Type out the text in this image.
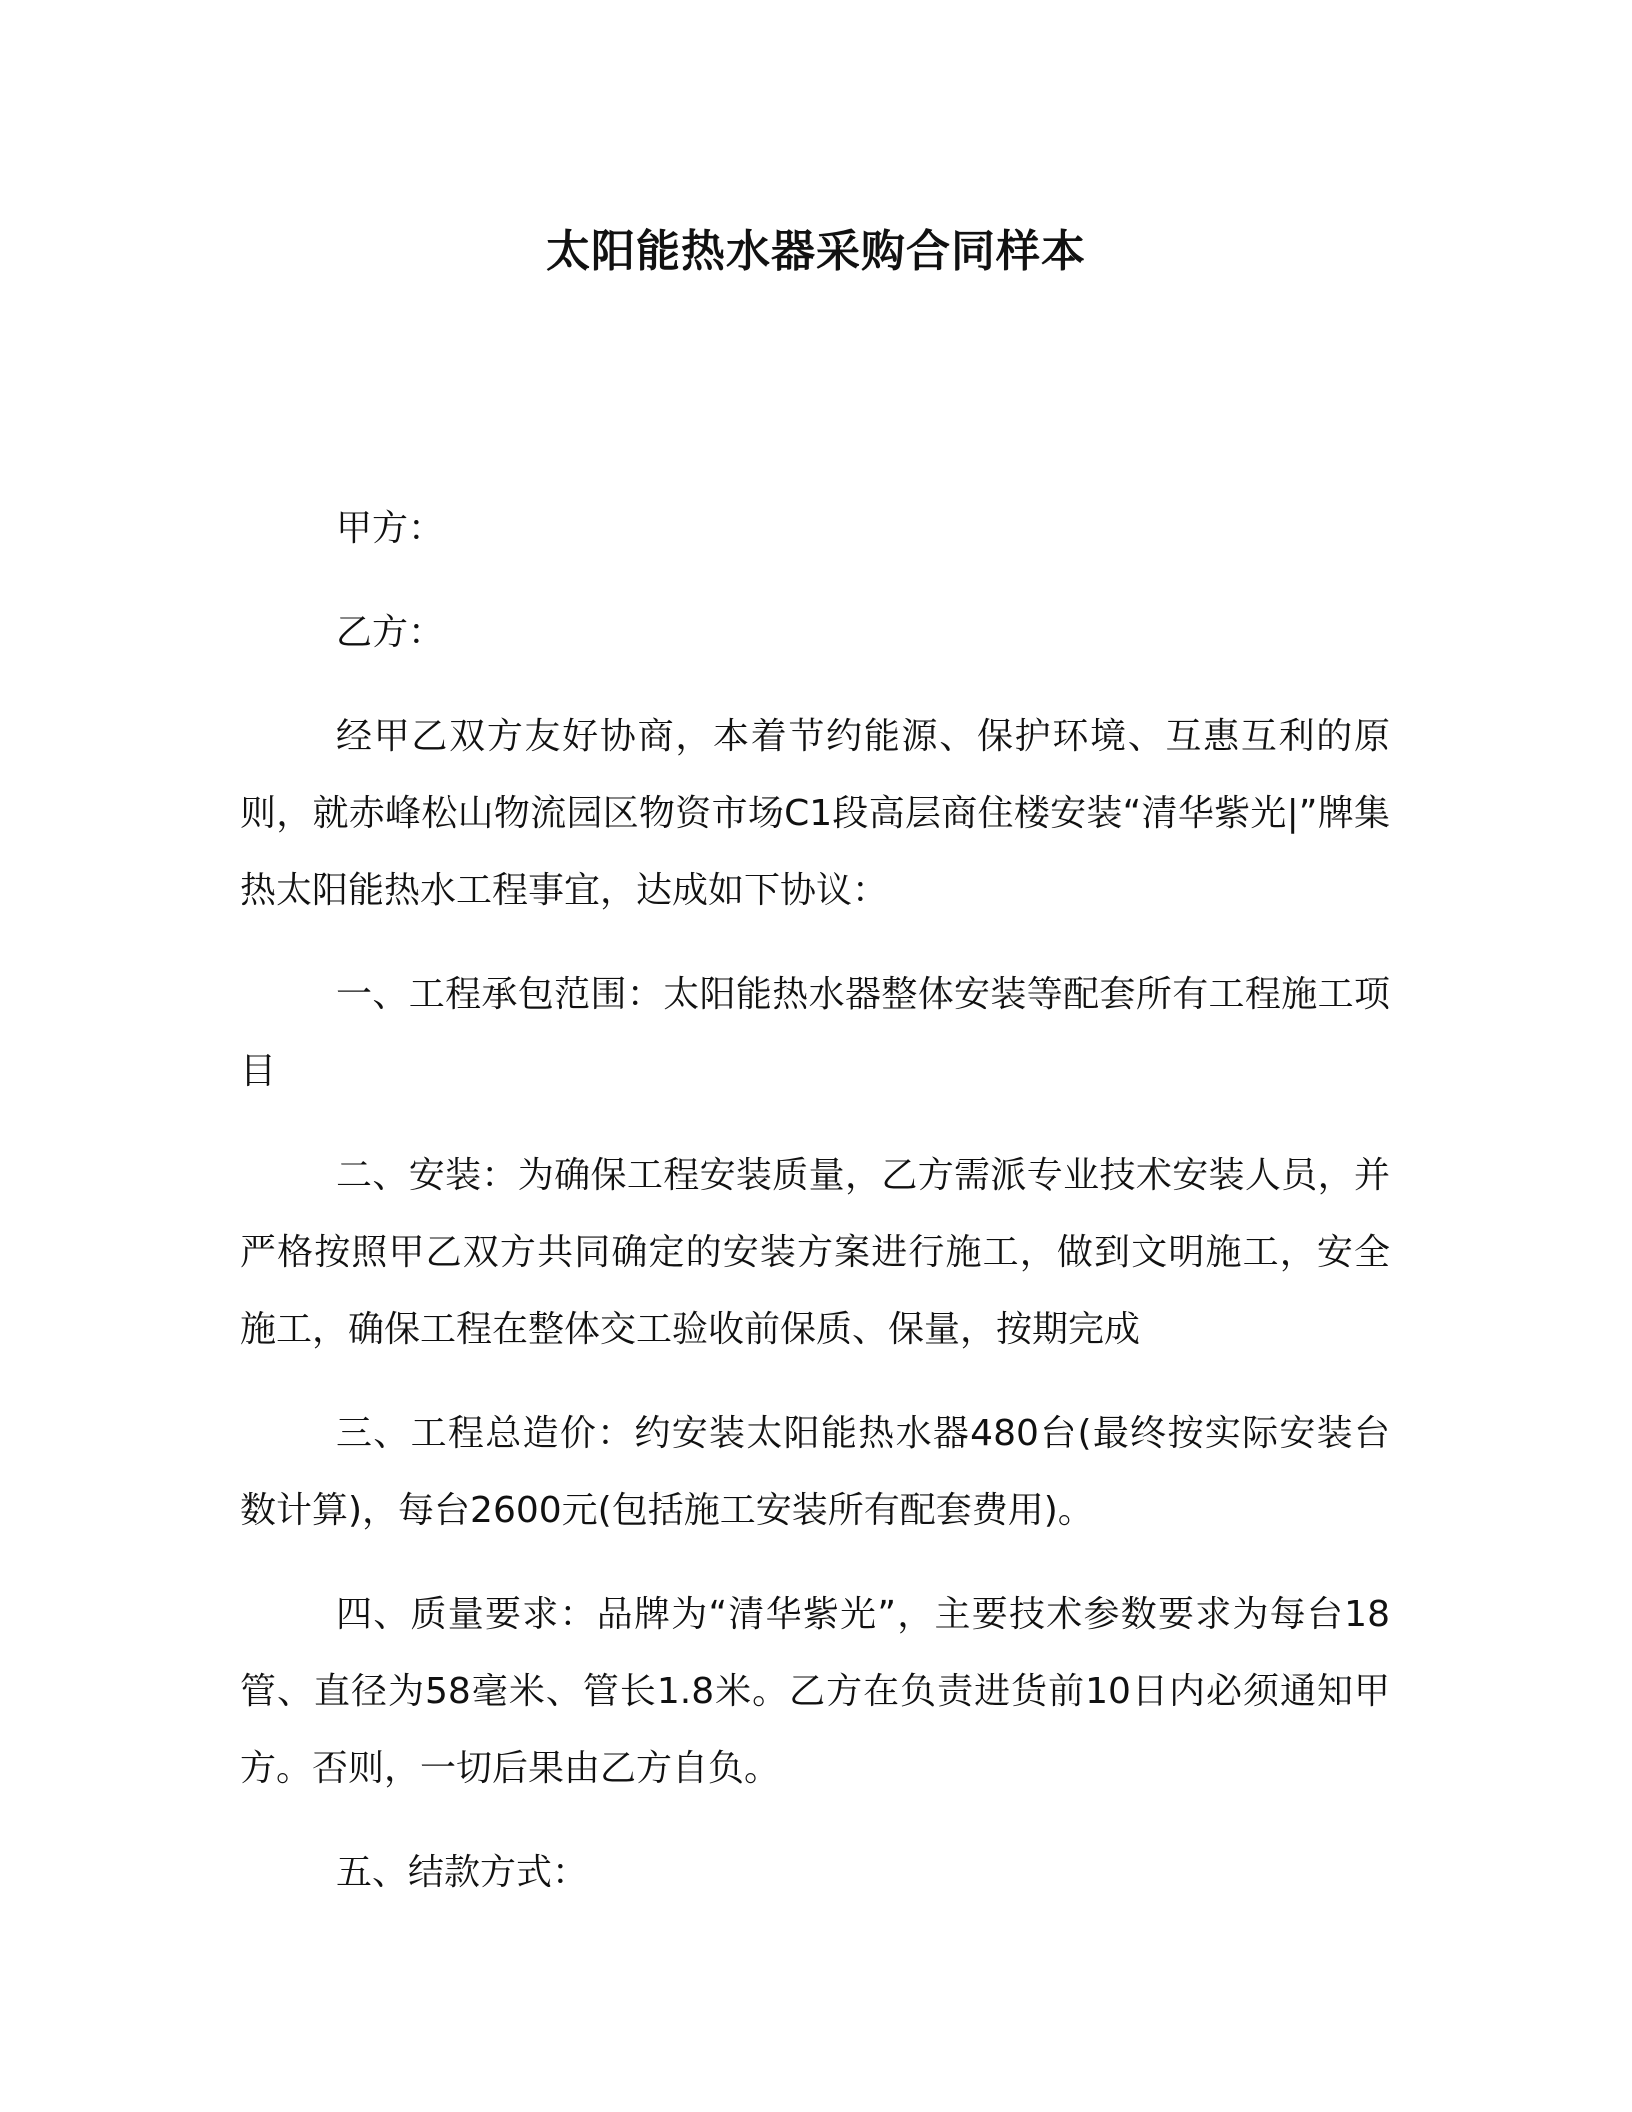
太阳能热水器采购合同样本

甲方：

乙方：

经甲乙双方友好协商，本着节约能源、保护环境、互惠互利的原则，就赤峰松山物流园区物资市场C1段高层商住楼安装“清华紫光|”牌集热太阳能热水工程事宜，达成如下协议：

一、工程承包范围：太阳能热水器整体安装等配套所有工程施工项目

二、安装：为确保工程安装质量，乙方需派专业技术安装人员，并严格按照甲乙双方共同确定的安装方案进行施工，做到文明施工，安全施工，确保工程在整体交工验收前保质、保量，按期完成

三、工程总造价：约安装太阳能热水器480台(最终按实际安装台数计算)，每台2600元(包括施工安装所有配套费用)。

四、质量要求：品牌为“清华紫光”，主要技术参数要求为每台18管、直径为58毫米、管长1.8米。乙方在负责进货前10日内必须通知甲方。否则，一切后果由乙方自负。

五、结款方式：
